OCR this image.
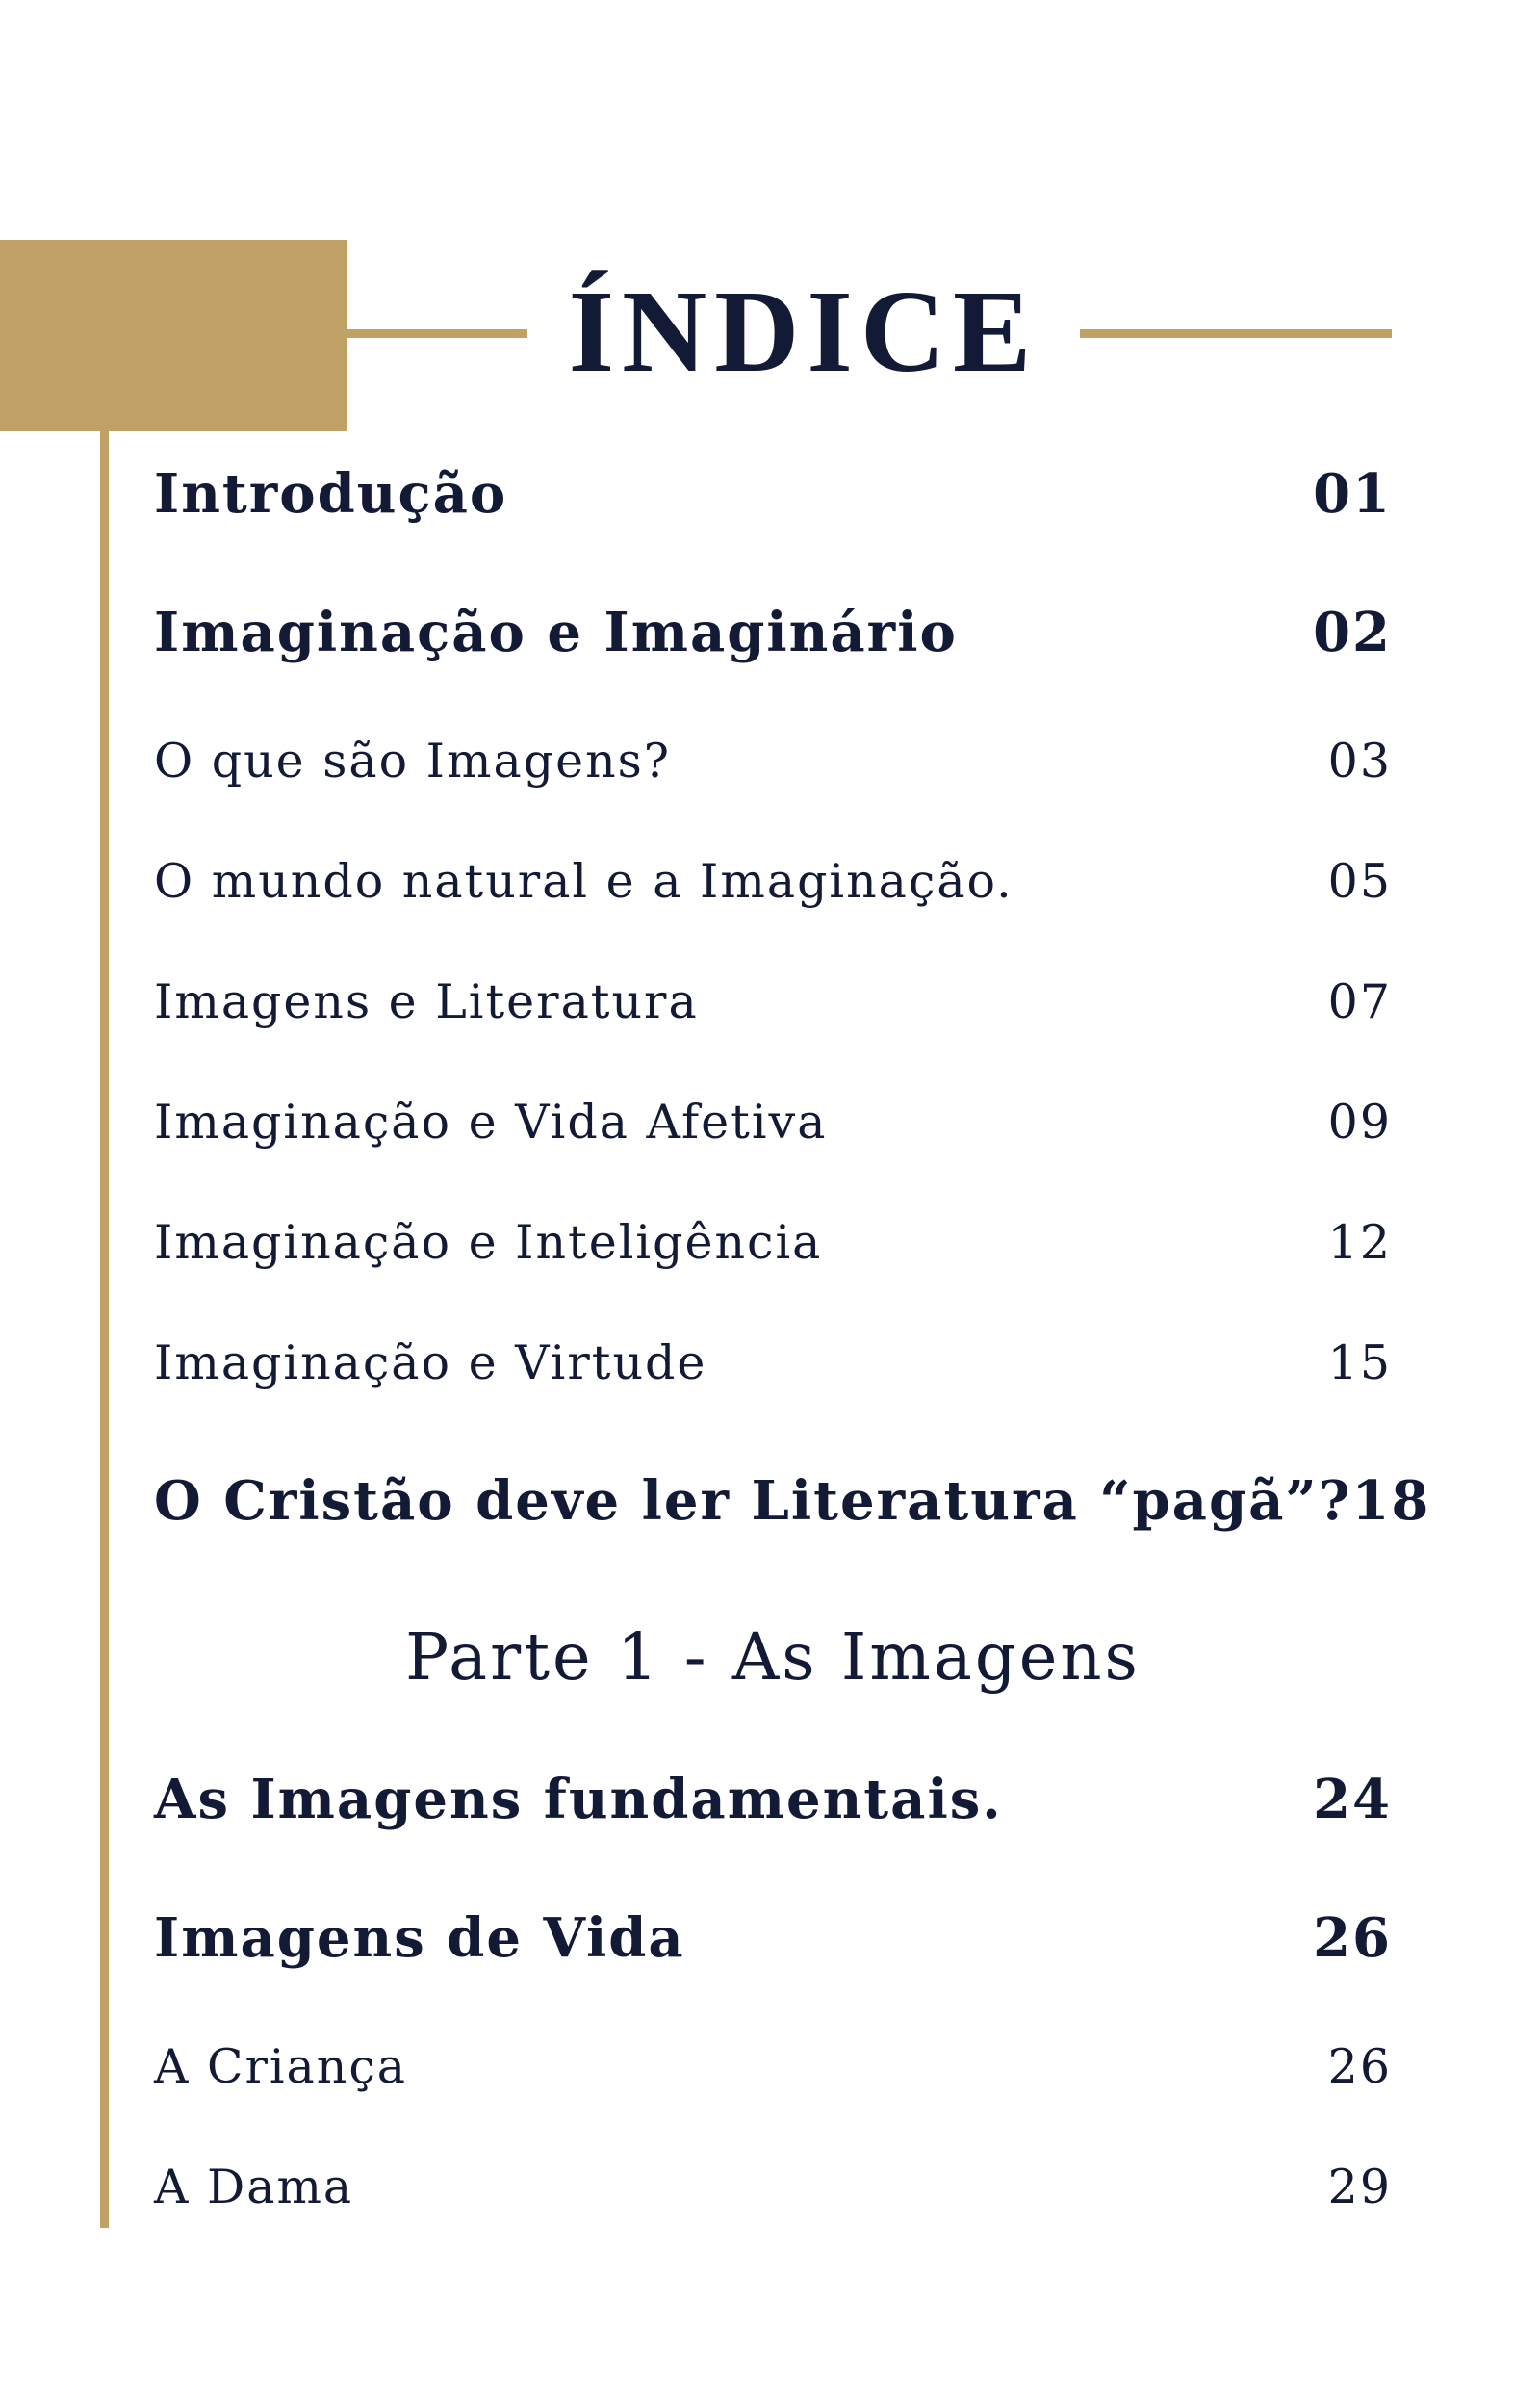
ÍNDICE
Introdução	01
Imaginação e Imaginário	02
O que são Imagens?	03
O mundo natural e a Imaginação.	05
Imagens e Literatura	07
Imaginação e Vida Afetiva	09
Imaginação e Inteligência	12
Imaginação e Virtude	15
O Cristão deve ler Literatura “pagã”? 18
Parte 1 - As Imagens
As Imagens fundamentais.	24
Imagens de Vida	26
A Criança	26
A Dama	29
